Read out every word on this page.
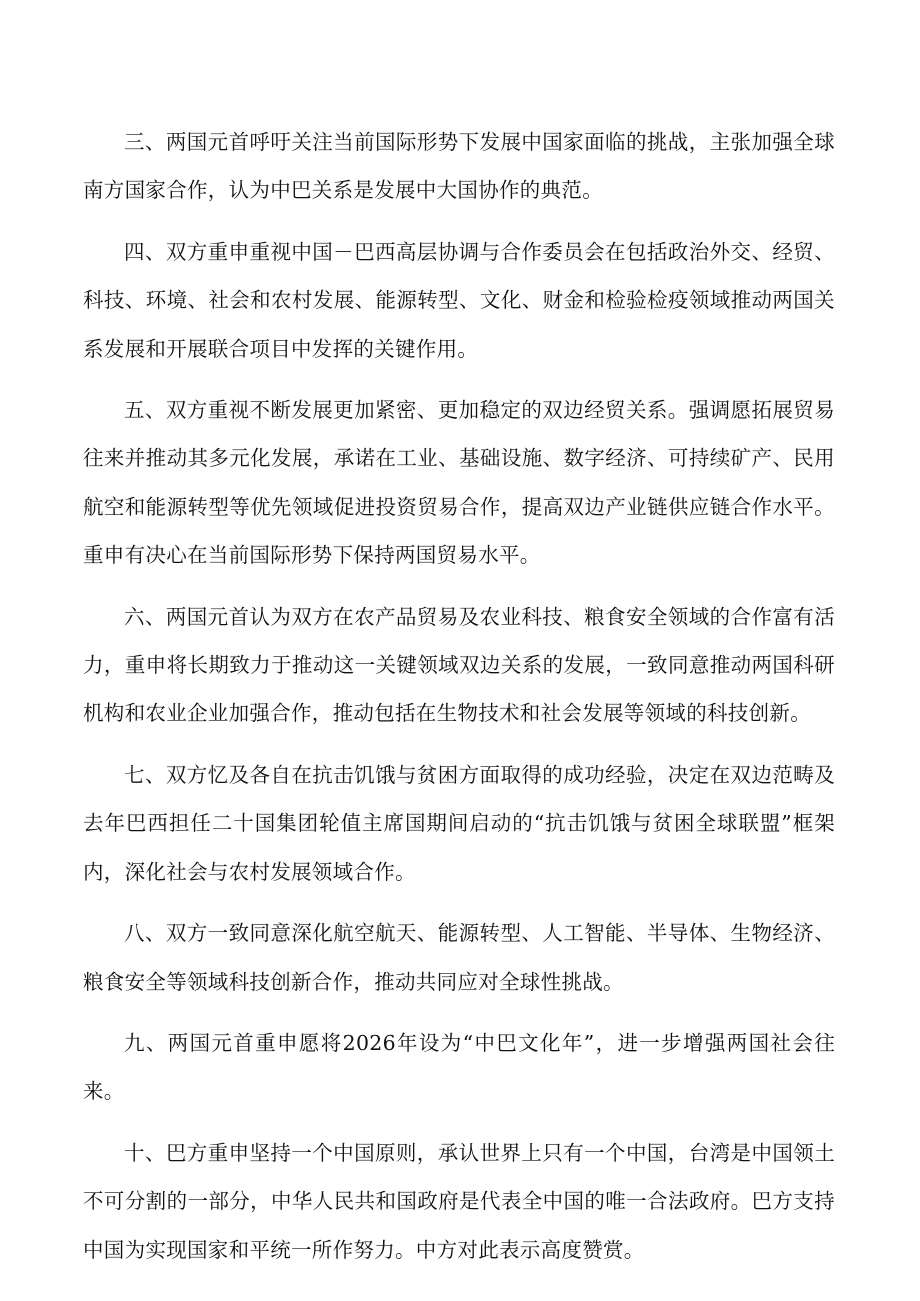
三、两国元首呼吁关注当前国际形势下发展中国家面临的挑战，主张加强全球南方国家合作，认为中巴关系是发展中大国协作的典范。

四、双方重申重视中国－巴西高层协调与合作委员会在包括政治外交、经贸、科技、环境、社会和农村发展、能源转型、文化、财金和检验检疫领域推动两国关系发展和开展联合项目中发挥的关键作用。

五、双方重视不断发展更加紧密、更加稳定的双边经贸关系。强调愿拓展贸易往来并推动其多元化发展，承诺在工业、基础设施、数字经济、可持续矿产、民用航空和能源转型等优先领域促进投资贸易合作，提高双边产业链供应链合作水平。重申有决心在当前国际形势下保持两国贸易水平。

六、两国元首认为双方在农产品贸易及农业科技、粮食安全领域的合作富有活力，重申将长期致力于推动这一关键领域双边关系的发展，一致同意推动两国科研机构和农业企业加强合作，推动包括在生物技术和社会发展等领域的科技创新。

七、双方忆及各自在抗击饥饿与贫困方面取得的成功经验，决定在双边范畴及去年巴西担任二十国集团轮值主席国期间启动的“抗击饥饿与贫困全球联盟”框架内，深化社会与农村发展领域合作。

八、双方一致同意深化航空航天、能源转型、人工智能、半导体、生物经济、粮食安全等领域科技创新合作，推动共同应对全球性挑战。

九、两国元首重申愿将2026年设为“中巴文化年”，进一步增强两国社会往来。

十、巴方重申坚持一个中国原则，承认世界上只有一个中国，台湾是中国领土不可分割的一部分，中华人民共和国政府是代表全中国的唯一合法政府。巴方支持中国为实现国家和平统一所作努力。中方对此表示高度赞赏。
